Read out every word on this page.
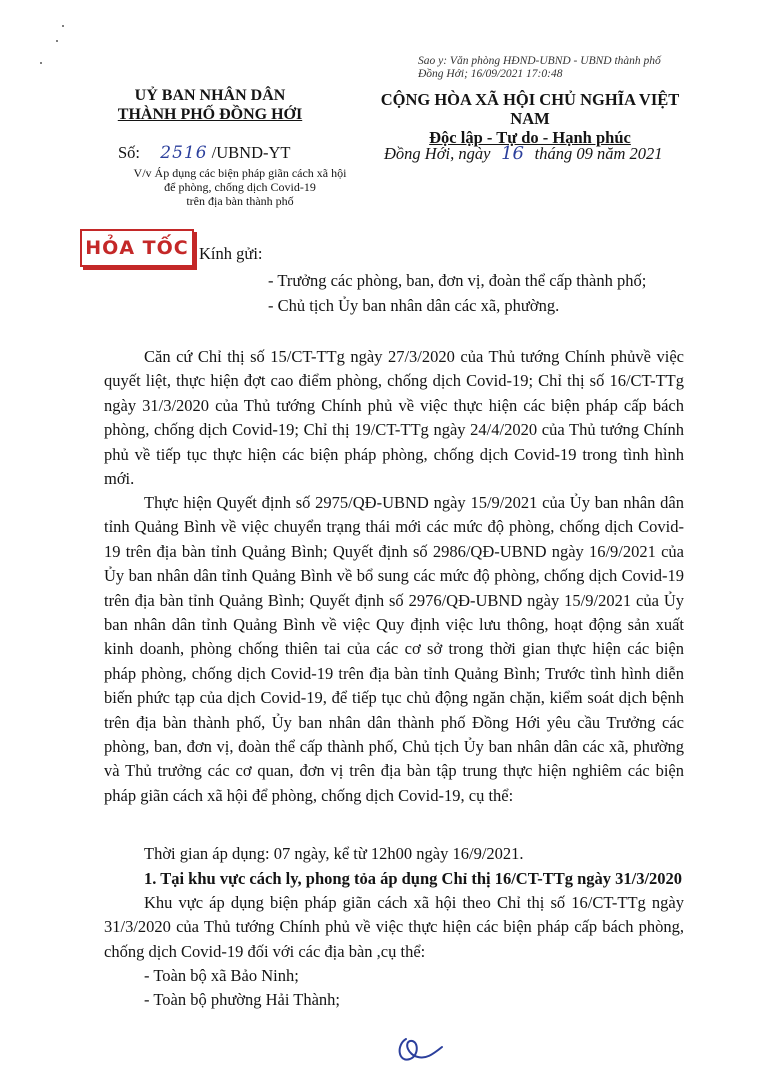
Sao y: Văn phòng HĐND-UBND - UBND thành phố
Đồng Hới; 16/09/2021 17:0:48
UỶ BAN NHÂN DÂN
THÀNH PHỐ ĐỒNG HỚI
CỘNG HÒA XÃ HỘI CHỦ NGHĨA VIỆT NAM
Độc lập - Tự do - Hạnh phúc
Số: 2516 /UBND-YT
V/v Áp dụng các biện pháp giãn cách xã hội
để phòng, chống dịch Covid-19
trên địa bàn thành phố
Đồng Hới, ngày 16 tháng 09 năm 2021
HỎA TỐC Kính gửi:
- Trưởng các phòng, ban, đơn vị, đoàn thể cấp thành phố;
- Chủ tịch Ủy ban nhân dân các xã, phường.
Căn cứ Chỉ thị số 15/CT-TTg ngày 27/3/2020 của Thủ tướng Chính phủvề việc quyết liệt, thực hiện đợt cao điểm phòng, chống dịch Covid-19; Chỉ thị số 16/CT-TTg ngày 31/3/2020 của Thủ tướng Chính phủ về việc thực hiện các biện pháp cấp bách phòng, chống dịch Covid-19; Chỉ thị 19/CT-TTg ngày 24/4/2020 của Thủ tướng Chính phủ về tiếp tục thực hiện các biện pháp phòng, chống dịch Covid-19 trong tình hình mới.
Thực hiện Quyết định số 2975/QĐ-UBND ngày 15/9/2021 của Ủy ban nhân dân tỉnh Quảng Bình về việc chuyển trạng thái mới các mức độ phòng, chống dịch Covid-19 trên địa bàn tỉnh Quảng Bình; Quyết định số 2986/QĐ-UBND ngày 16/9/2021 của Ủy ban nhân dân tỉnh Quảng Bình về bổ sung các mức độ phòng, chống dịch Covid-19 trên địa bàn tỉnh Quảng Bình; Quyết định số 2976/QĐ-UBND ngày 15/9/2021 của Ủy ban nhân dân tỉnh Quảng Bình về việc Quy định việc lưu thông, hoạt động sản xuất kinh doanh, phòng chống thiên tai của các cơ sở trong thời gian thực hiện các biện pháp phòng, chống dịch Covid-19 trên địa bàn tỉnh Quảng Bình; Trước tình hình diễn biến phức tạp của dịch Covid-19, để tiếp tục chủ động ngăn chặn, kiểm soát dịch bệnh trên địa bàn thành phố, Ủy ban nhân dân thành phố Đồng Hới yêu cầu Trưởng các phòng, ban, đơn vị, đoàn thể cấp thành phố, Chủ tịch Ủy ban nhân dân các xã, phường và Thủ trưởng các cơ quan, đơn vị trên địa bàn tập trung thực hiện nghiêm các biện pháp giãn cách xã hội để phòng, chống dịch Covid-19, cụ thể:
Thời gian áp dụng: 07 ngày, kể từ 12h00 ngày 16/9/2021.
1. Tại khu vực cách ly, phong tỏa áp dụng Chỉ thị 16/CT-TTg ngày 31/3/2020
Khu vực áp dụng biện pháp giãn cách xã hội theo Chỉ thị số 16/CT-TTg ngày 31/3/2020 của Thủ tướng Chính phủ về việc thực hiện các biện pháp cấp bách phòng, chống dịch Covid-19 đối với các địa bàn ,cụ thể:
- Toàn bộ xã Bảo Ninh;
- Toàn bộ phường Hải Thành;
